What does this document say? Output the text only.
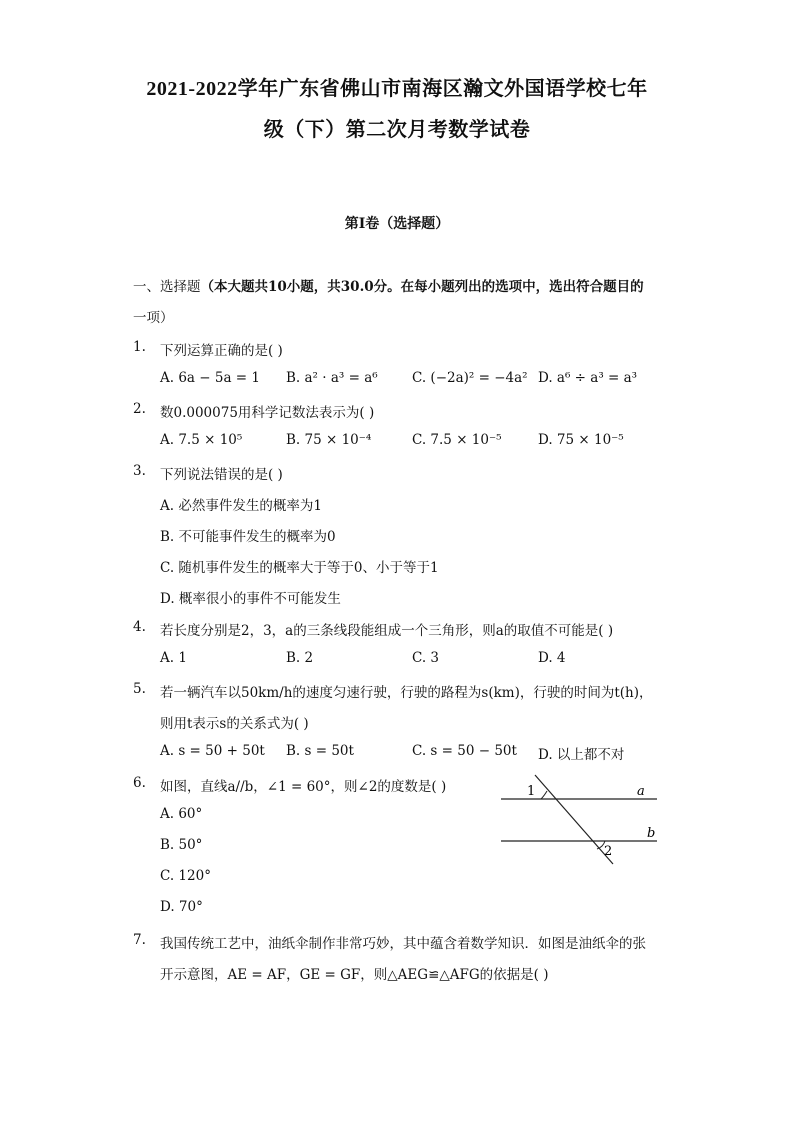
2021-2022学年广东省佛山市南海区瀚文外国语学校七年
级（下）第二次月考数学试卷
第I卷（选择题）
一、选择题（本大题共10小题，共30.0分。在每小题列出的选项中，选出符合题目的
一项）
1. 下列运算正确的是( )
A. 6a − 5a = 1 B. a² · a³ = a⁶	C. (−2a)² = −4a² D. a⁶ ÷ a³ = a³
2. 数0.000075用科学记数法表示为( )
A. 7.5 × 10⁵	B. 75 × 10⁻⁴	C. 7.5 × 10⁻⁵	D. 75 × 10⁻⁵
3. 下列说法错误的是( )
A. 必然事件发生的概率为1
B. 不可能事件发生的概率为0
C. 随机事件发生的概率大于等于0、小于等于1
D. 概率很小的事件不可能发生
4. 若长度分别是2，3，a的三条线段能组成一个三角形，则a的取值不可能是( )
A. 1	B. 2	C. 3	D. 4
5. 若一辆汽车以50km/h的速度匀速行驶，行驶的路程为s(km)，行驶的时间为t(h)，
则用t表示s的关系式为( )
A. s = 50 + 50t B. s = 50t	C. s = 50 − 50t D. 以上都不对
6. 如图，直线a//b，∠1 = 60°，则∠2的度数是( )
A. 60°
B. 50°
C. 120°
D. 70°
1
2
a
b
7. 我国传统工艺中，油纸伞制作非常巧妙，其中蕴含着数学知识．如图是油纸伞的张
开示意图，AE = AF，GE = GF，则△AEG≌△AFG的依据是( )
